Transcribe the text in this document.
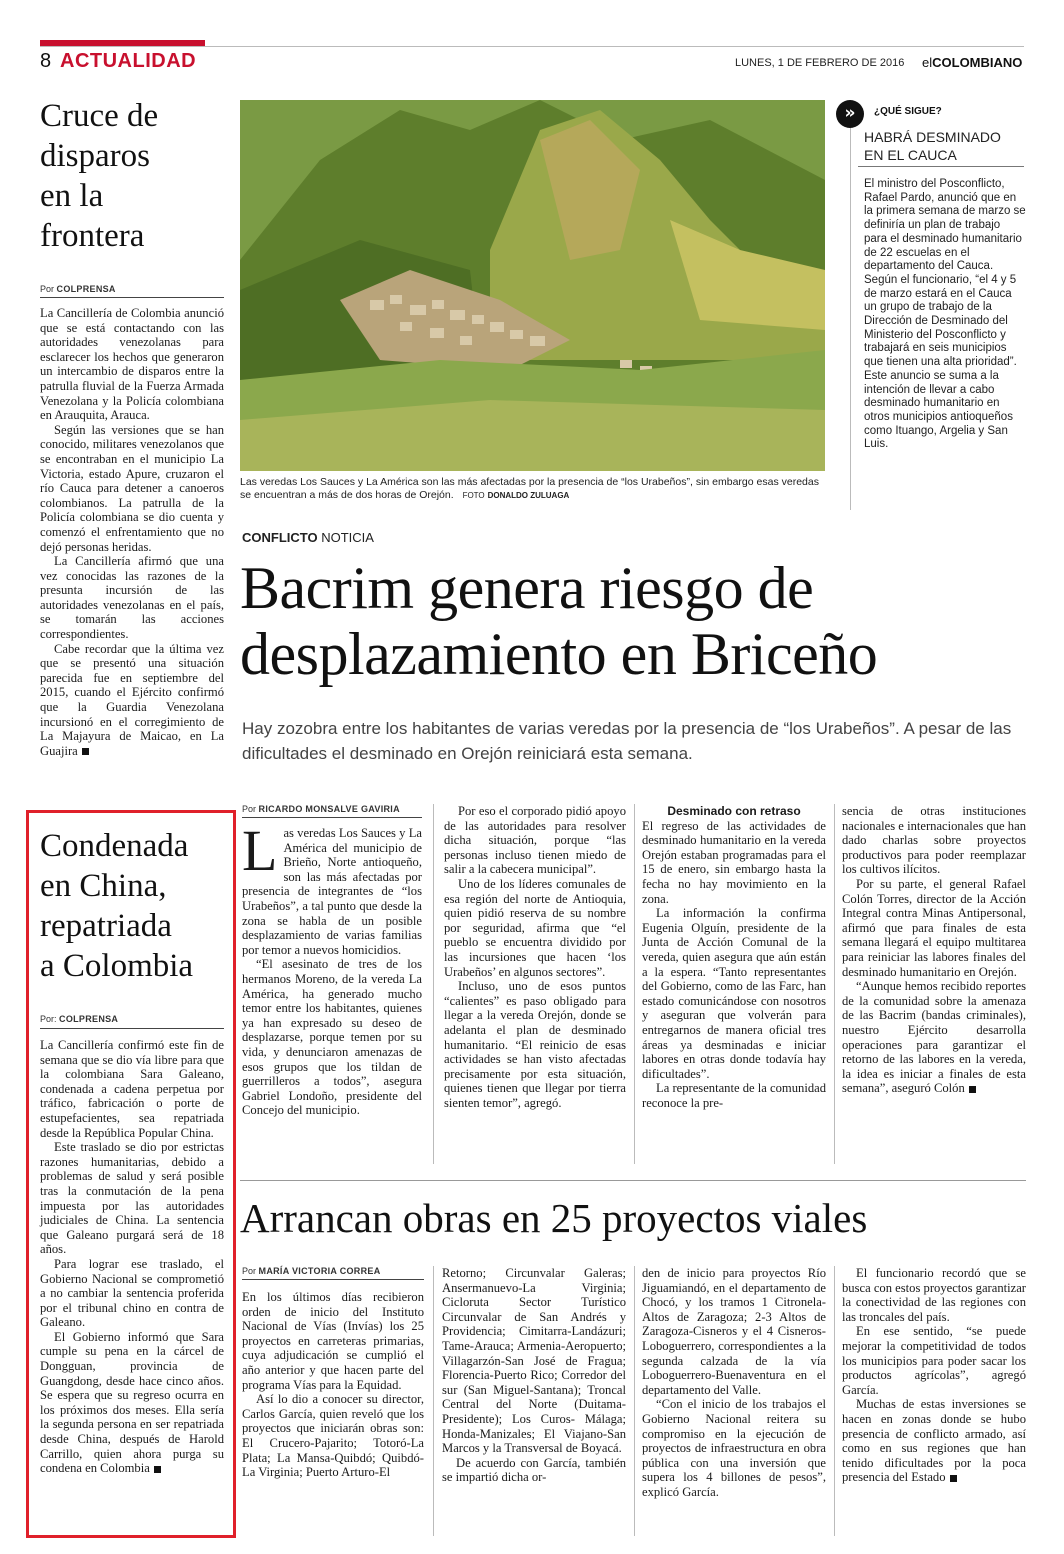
8 ACTUALIDAD	LUNES, 1 DE FEBRERO DE 2016 elCOLOMBIANO
Cruce de
disparos
en la
frontera
Por COLPRENSA

La Cancillería de Colombia anunció que se está contactando con las autoridades venezolanas para esclarecer los hechos que generaron un intercambio de disparos entre la patrulla fluvial de la Fuerza Armada Venezolana y la Policía colombiana en Arauquita, Arauca.

Según las versiones que se han conocido, militares venezolanos que se encontraban en el municipio La Victoria, estado Apure, cruzaron el río Cauca para detener a canoeros colombianos. La patrulla de la Policía colombiana se dio cuenta y comenzó el enfrentamiento que no dejó personas heridas.

La Cancillería afirmó que una vez conocidas las razones de la presunta incursión de las autoridades venezolanas en el país, se tomarán las acciones correspondientes.

Cabe recordar que la última vez que se presentó una situación parecida fue en septiembre del 2015, cuando el Ejército confirmó que la Guardia Venezolana incursionó en el corregimiento de La Majayura de Maicao, en La Guajira

Condenada
en China,
repatriada
a Colombia
Por: COLPRENSA

La Cancillería confirmó este fin de semana que se dio vía libre para que la colombiana Sara Galeano, condenada a cadena perpetua por tráfico, fabricación o porte de estupefacientes, sea repatriada desde la República Popular China.

Este traslado se dio por estrictas razones humanitarias, debido a problemas de salud y será posible tras la conmutación de la pena impuesta por las autoridades judiciales de China. La sentencia que Galeano purgará será de 18 años.

Para lograr ese traslado, el Gobierno Nacional se comprometió a no cambiar la sentencia proferida por el tribunal chino en contra de Galeano.

El Gobierno informó que Sara cumple su pena en la cárcel de Dongguan, provincia de Guangdong, desde hace cinco años. Se espera que su regreso ocurra en los próximos dos meses. Ella sería la segunda persona en ser repatriada desde China, después de Harold Carrillo, quien ahora purga su condena en Colombia

Las veredas Los Sauces y La América son las más afectadas por la presencia de “los Urabeños”, sin embargo esas veredas se encuentran a más de dos horas de Orejón. FOTO DONALDO ZULUAGA
»	¿QUÉ SIGUE?
HABRÁ DESMINADO EN EL CAUCA
El ministro del Posconflicto, Rafael Pardo, anunció que en la primera semana de marzo se definiría un plan de trabajo para el desminado humanitario de 22 escuelas en el departamento del Cauca. Según el funcionario, “el 4 y 5 de marzo estará en el Cauca un grupo de trabajo de la Dirección de Desminado del Ministerio del Posconflicto y trabajará en seis municipios que tienen una alta prioridad”. Este anuncio se suma a la intención de llevar a cabo desminado humanitario en otros municipios antioqueños como Ituango, Argelia y San Luis.
CONFLICTO NOTICIA
Bacrim genera riesgo de
desplazamiento en Briceño
Hay zozobra entre los habitantes de varias veredas por la presencia de “los Urabeños”. A pesar de las dificultades el desminado en Orejón reiniciará esta semana.
Por RICARDO MONSALVE GAVIRIA

Las veredas Los Sauces y La América del municipio de Brieño, Norte antioqueño, son las más afectadas por presencia de integrantes de “los Urabeños”, a tal punto que desde la zona se habla de un posible desplazamiento de varias familias por temor a nuevos homicidios.

“El asesinato de tres de los hermanos Moreno, de la vereda La América, ha generado mucho temor entre los habitantes, quienes ya han expresado su deseo de desplazarse, porque temen por su vida, y denunciaron amenazas de esos grupos que los tildan de guerrilleros a todos”, asegura Gabriel Londoño, presidente del Concejo del municipio.

Por eso el corporado pidió apoyo de las autoridades para resolver dicha situación, porque “las personas incluso tienen miedo de salir a la cabecera municipal”.

Uno de los líderes comunales de esa región del norte de Antioquia, quien pidió reserva de su nombre por seguridad, afirma que “el pueblo se encuentra dividido por las incursiones que hacen ‘los Urabeños’ en algunos sectores”.

Incluso, uno de esos puntos “calientes” es paso obligado para llegar a la vereda Orejón, donde se adelanta el plan de desminado humanitario. “El reinicio de esas actividades se han visto afectadas precisamente por esta situación, quienes tienen que llegar por tierra sienten temor”, agregó.

Desminado con retraso

El regreso de las actividades de desminado humanitario en la vereda Orejón estaban programadas para el 15 de enero, sin embargo hasta la fecha no hay movimiento en la zona.

La información la confirma Eugenia Olguín, presidente de la Junta de Acción Comunal de la vereda, quien asegura que aún están a la espera. “Tanto representantes del Gobierno, como de las Farc, han estado comunicándose con nosotros y aseguran que volverán para entregarnos de manera oficial tres áreas ya desminadas e iniciar labores en otras donde todavía hay dificultades”.

La representante de la comunidad reconoce la pre-

sencia de otras instituciones nacionales e internacionales que han dado charlas sobre proyectos productivos para poder reemplazar los cultivos ilícitos.

Por su parte, el general Rafael Colón Torres, director de la Acción Integral contra Minas Antipersonal, afirmó que para finales de esta semana llegará el equipo multitarea para reiniciar las labores finales del desminado humanitario en Orejón.

“Aunque hemos recibido reportes de la comunidad sobre la amenaza de las Bacrim (bandas criminales), nuestro Ejército desarrolla operaciones para garantizar el retorno de las labores en la vereda, la idea es iniciar a finales de esta semana”, aseguró Colón

Arrancan obras en 25 proyectos viales
Por MARÍA VICTORIA CORREA

En los últimos días recibieron orden de inicio del Instituto Nacional de Vías (Invías) los 25 proyectos en carreteras primarias, cuya adjudicación se cumplió el año anterior y que hacen parte del programa Vías para la Equidad.

Así lo dio a conocer su director, Carlos García, quien reveló que los proyectos que iniciarán obras son: El Crucero-Pajarito; Totoró-La Plata; La Mansa-Quibdó; Quibdó-La Virginia; Puerto Arturo-El

Retorno; Circunvalar Galeras; Ansermanuevo-La Virginia; Cicloruta Sector Turístico Circunvalar de San Andrés y Providencia; Cimitarra-Landázuri; Tame-Arauca; Armenia-Aeropuerto; Villagarzón-San José de Fragua; Florencia-Puerto Rico; Corredor del sur (San Miguel-Santana); Troncal Central del Norte (Duitama-Presidente); Los Curos- Málaga; Honda-Manizales; El Viajano-San Marcos y la Transversal de Boyacá.

De acuerdo con García, también se impartió dicha or-

den de inicio para proyectos Río Jiguamiandó, en el departamento de Chocó, y los tramos 1 Citronela-Altos de Zaragoza; 2-3 Altos de Zaragoza-Cisneros y el 4 Cisneros-Loboguerrero, correspondientes a la segunda calzada de la vía Loboguerrero-Buenaventura en el departamento del Valle.

“Con el inicio de los trabajos el Gobierno Nacional reitera su compromiso en la ejecución de proyectos de infraestructura en obra pública con una inversión que supera los 4 billones de pesos”, explicó García.

El funcionario recordó que se busca con estos proyectos garantizar la conectividad de las regiones con las troncales del país.

En ese sentido, “se puede mejorar la competitividad de todos los municipios para poder sacar los productos agrícolas”, agregó García.

Muchas de estas inversiones se hacen en zonas donde se hubo presencia de conflicto armado, así como en sus regiones que han tenido dificultades por la poca presencia del Estado
